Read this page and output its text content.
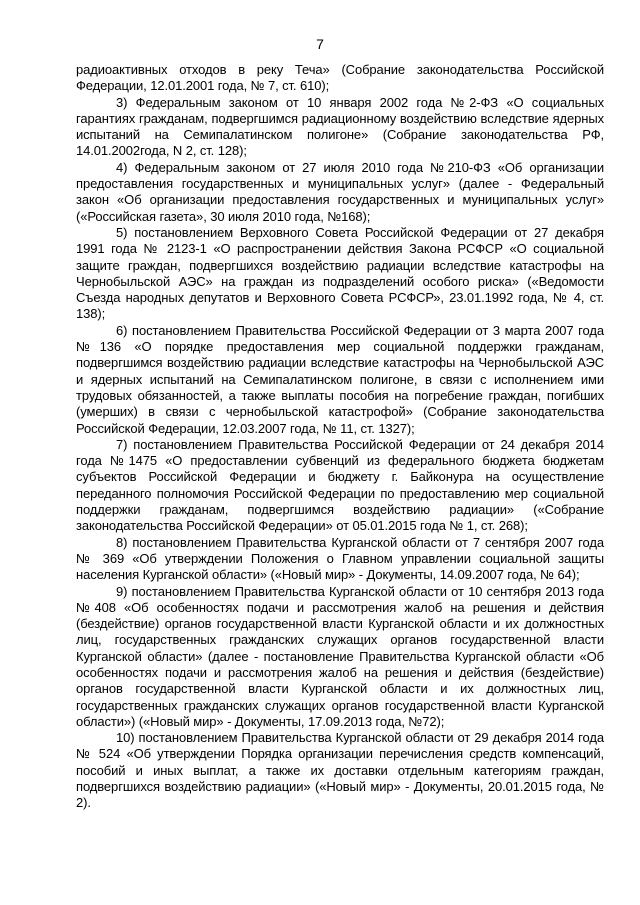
7

радиоактивных отходов в реку Теча» (Собрание законодательства Российской Федерации, 12.01.2001 года, № 7, ст. 610);

3) Федеральным законом от 10 января 2002 года №2-ФЗ «О социальных гарантиях гражданам, подвергшимся радиационному воздействию вследствие ядерных испытаний на Семипалатинском полигоне» (Собрание законодательства РФ, 14.01.2002года, N 2, ст. 128);

4) Федеральным законом от 27 июля 2010 года №210-ФЗ «Об организации предоставления государственных и муниципальных услуг» (далее - Федеральный закон «Об организации предоставления государственных и муниципальных услуг» («Российская газета», 30 июля 2010 года, №168);

5) постановлением Верховного Совета Российской Федерации от 27 декабря 1991 года № 2123-1 «О распространении действия Закона РСФСР «О социальной защите граждан, подвергшихся воздействию радиации вследствие катастрофы на Чернобыльской АЭС» на граждан из подразделений особого риска» («Ведомости Съезда народных депутатов и Верховного Совета РСФСР», 23.01.1992 года, № 4, ст. 138);

6) постановлением Правительства Российской Федерации от 3 марта 2007 года №136 «О порядке предоставления мер социальной поддержки гражданам, подвергшимся воздействию радиации вследствие катастрофы на Чернобыльской АЭС и ядерных испытаний на Семипалатинском полигоне, в связи с исполнением ими трудовых обязанностей, а также выплаты пособия на погребение граждан, погибших (умерших) в связи с чернобыльской катастрофой» (Собрание законодательства Российской Федерации, 12.03.2007 года, № 11, ст. 1327);

7) постановлением Правительства Российской Федерации от 24 декабря 2014 года №1475 «О предоставлении субвенций из федерального бюджета бюджетам субъектов Российской Федерации и бюджету г. Байконура на осуществление переданного полномочия Российской Федерации по предоставлению мер социальной поддержки гражданам, подвергшимся воздействию радиации» («Собрание законодательства Российской Федерации» от 05.01.2015 года № 1, ст. 268);

8) постановлением Правительства Курганской области от 7 сентября 2007 года № 369 «Об утверждении Положения о Главном управлении социальной защиты населения Курганской области» («Новый мир» - Документы, 14.09.2007 года, № 64);

9) постановлением Правительства Курганской области от 10 сентября 2013 года №408 «Об особенностях подачи и рассмотрения жалоб на решения и действия (бездействие) органов государственной власти Курганской области и их должностных лиц, государственных гражданских служащих органов государственной власти Курганской области» (далее - постановление Правительства Курганской области «Об особенностях подачи и рассмотрения жалоб на решения и действия (бездействие) органов государственной власти Курганской области и их должностных лиц, государственных гражданских служащих органов государственной власти Курганской области») («Новый мир» - Документы, 17.09.2013 года, №72);

10) постановлением Правительства Курганской области от 29 декабря 2014 года № 524 «Об утверждении Порядка организации перечисления средств компенсаций, пособий и иных выплат, а также их доставки отдельным категориям граждан, подвергшихся воздействию радиации» («Новый мир» - Документы, 20.01.2015 года, № 2).
